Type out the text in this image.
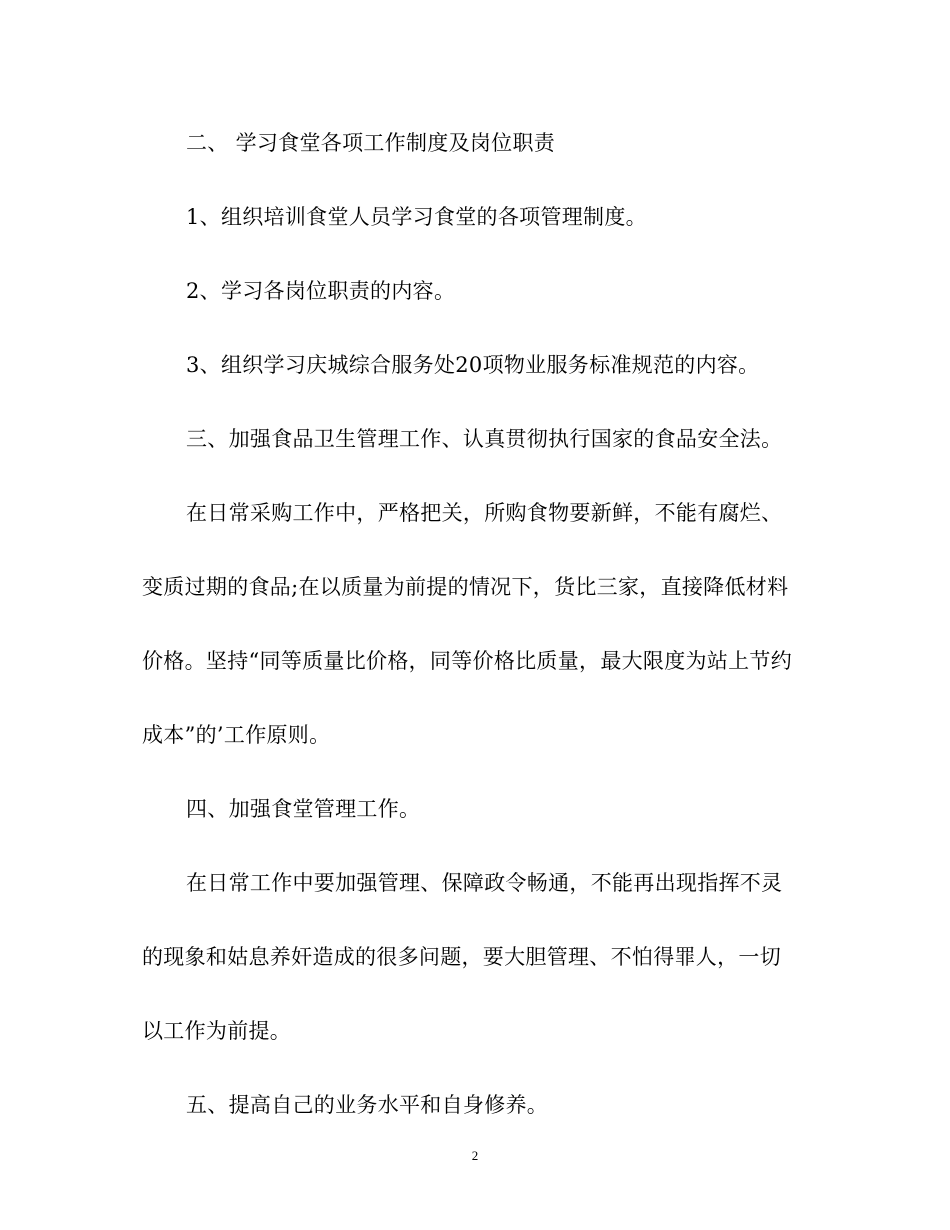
二、 学习食堂各项工作制度及岗位职责
1、组织培训食堂人员学习食堂的各项管理制度。
2、学习各岗位职责的内容。
3、组织学习庆城综合服务处20项物业服务标准规范的内容。
三、加强食品卫生管理工作、认真贯彻执行国家的食品安全法。
在日常采购工作中，严格把关，所购食物要新鲜，不能有腐烂、
变质过期的食品;在以质量为前提的情况下，货比三家，直接降低材料
价格。坚持“同等质量比价格，同等价格比质量，最大限度为站上节约
成本”的’工作原则。
四、加强食堂管理工作。
在日常工作中要加强管理、保障政令畅通，不能再出现指挥不灵
的现象和姑息养奸造成的很多问题，要大胆管理、不怕得罪人，一切
以工作为前提。
五、提高自己的业务水平和自身修养。
2
